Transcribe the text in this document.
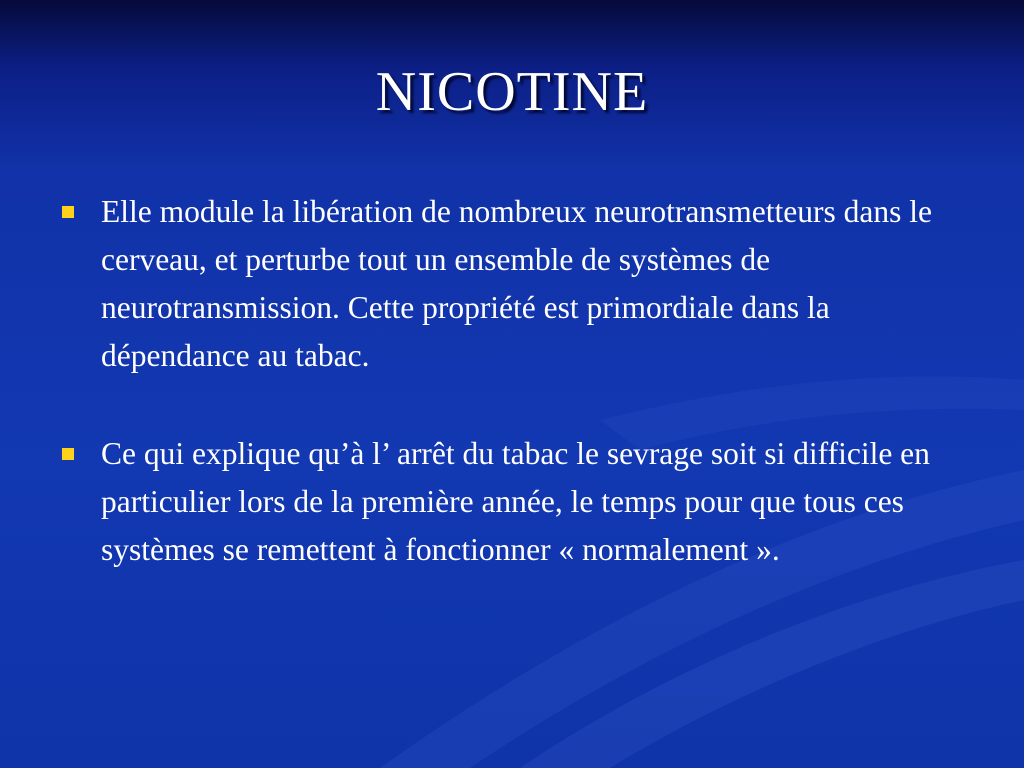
NICOTINE
Elle module la libération de nombreux neurotransmetteurs dans le cerveau, et perturbe tout un ensemble de systèmes de neurotransmission. Cette propriété est primordiale dans la dépendance au tabac.
Ce qui explique qu’à l’ arrêt du tabac le sevrage soit si difficile en particulier lors de la première année, le temps pour que tous ces systèmes se remettent à fonctionner « normalement ».
